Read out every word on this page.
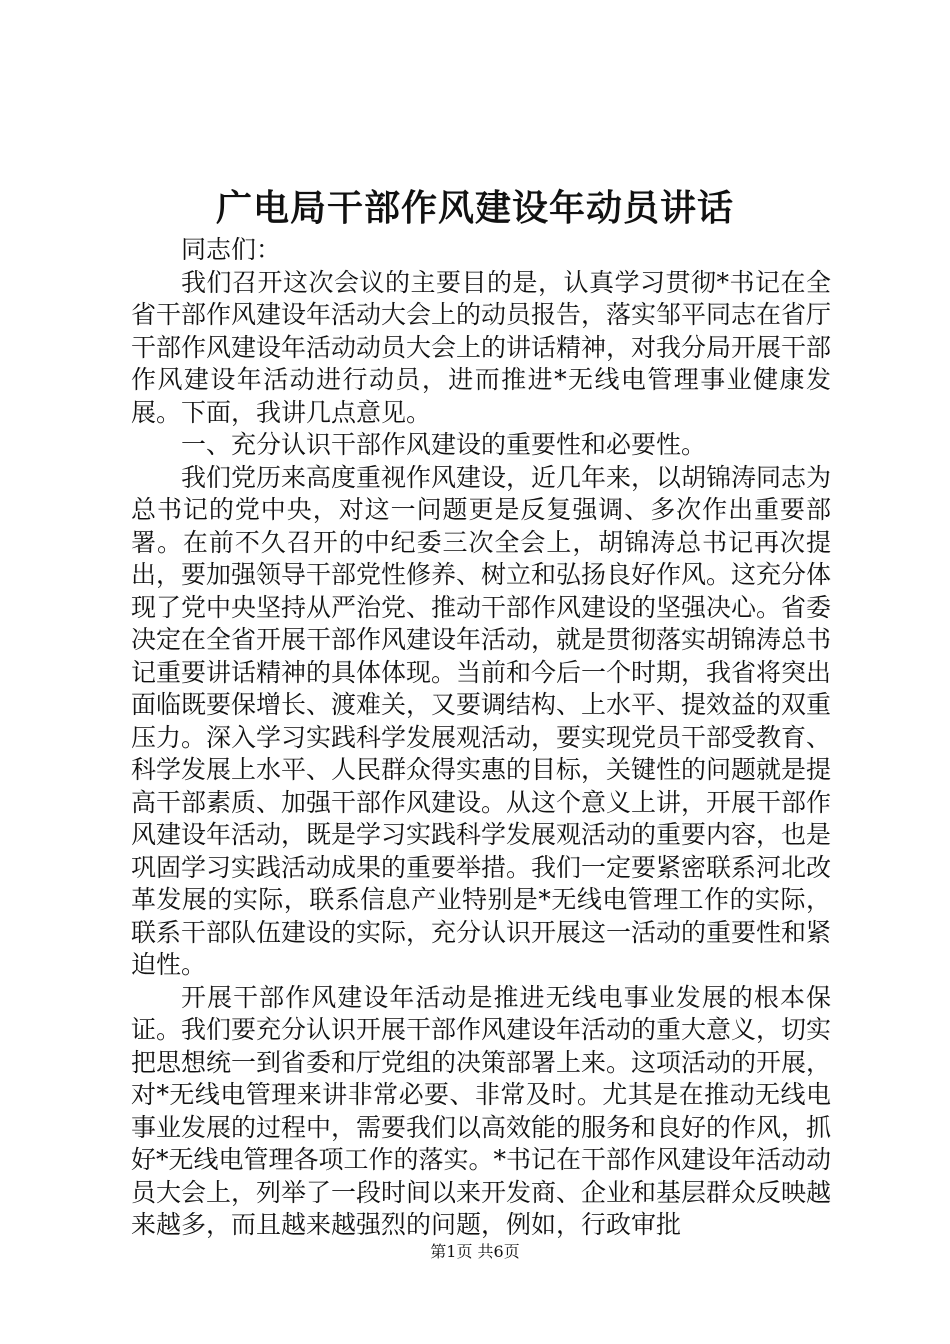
广电局干部作风建设年动员讲话

同志们：

我们召开这次会议的主要目的是，认真学习贯彻*书记在全省干部作风建设年活动大会上的动员报告，落实邹平同志在省厅干部作风建设年活动动员大会上的讲话精神，对我分局开展干部作风建设年活动进行动员，进而推进*无线电管理事业健康发展。下面，我讲几点意见。

一、充分认识干部作风建设的重要性和必要性。

我们党历来高度重视作风建设，近几年来，以胡锦涛同志为总书记的党中央，对这一问题更是反复强调、多次作出重要部署。在前不久召开的中纪委三次全会上，胡锦涛总书记再次提出，要加强领导干部党性修养、树立和弘扬良好作风。这充分体现了党中央坚持从严治党、推动干部作风建设的坚强决心。省委决定在全省开展干部作风建设年活动，就是贯彻落实胡锦涛总书记重要讲话精神的具体体现。当前和今后一个时期，我省将突出面临既要保增长、渡难关，又要调结构、上水平、提效益的双重压力。深入学习实践科学发展观活动，要实现党员干部受教育、科学发展上水平、人民群众得实惠的目标，关键性的问题就是提高干部素质、加强干部作风建设。从这个意义上讲，开展干部作风建设年活动，既是学习实践科学发展观活动的重要内容，也是巩固学习实践活动成果的重要举措。我们一定要紧密联系河北改革发展的实际，联系信息产业特别是*无线电管理工作的实际，联系干部队伍建设的实际，充分认识开展这一活动的重要性和紧迫性。

开展干部作风建设年活动是推进无线电事业发展的根本保证。我们要充分认识开展干部作风建设年活动的重大意义，切实把思想统一到省委和厅党组的决策部署上来。这项活动的开展，对*无线电管理来讲非常必要、非常及时。尤其是在推动无线电事业发展的过程中，需要我们以高效能的服务和良好的作风，抓好*无线电管理各项工作的落实。*书记在干部作风建设年活动动员大会上，列举了一段时间以来开发商、企业和基层群众反映越来越多，而且越来越强烈的问题，例如，行政审批

第1页 共6页
